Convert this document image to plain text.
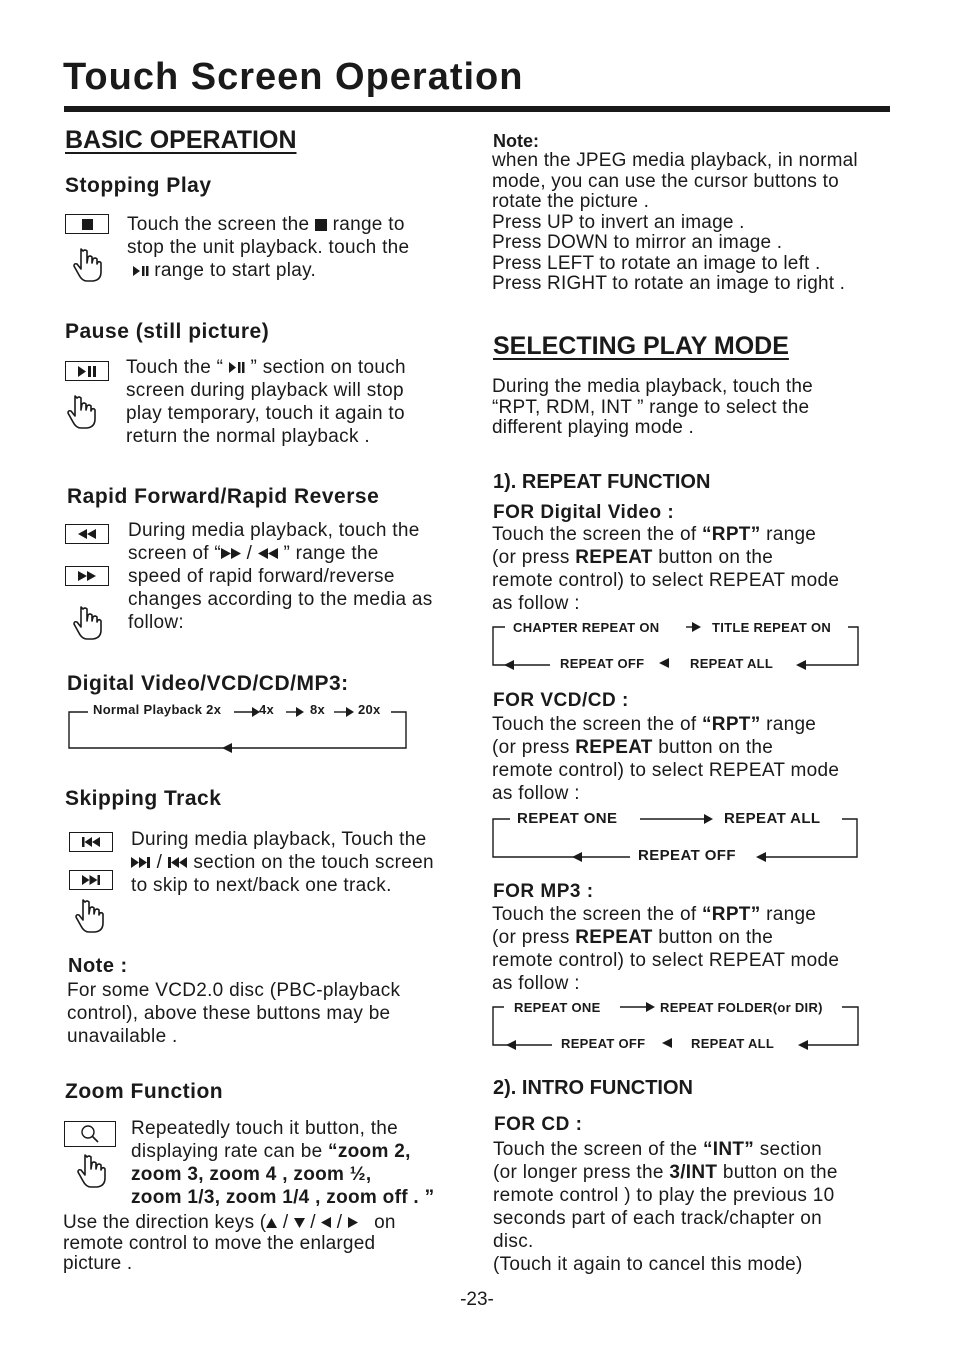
Touch Screen Operation
BASIC OPERATION
Stopping Play
Touch the screen the range to
stop the unit playback. touch the
range to start play.
Pause (still picture)
Touch the “ ” section on touch
screen during playback will stop
play temporary, touch it again to
return the normal playback .
Rapid Forward/Rapid Reverse
During media playback, touch the
screen of “ / ” range the
speed of rapid forward/reverse
changes according to the media as
follow:
Digital Video/VCD/CD/MP3:
Normal Playback 2x	4x	8x	20x
Skipping Track
During media playback, Touch the
/ section on the touch screen
to skip to next/back one track.
Note :
For some VCD2.0 disc (PBC-playback
control), above these buttons may be
unavailable .
Zoom Function
Repeatedly touch it button, the
displaying rate can be “zoom 2,
zoom 3, zoom 4 , zoom ½,
zoom 1/3, zoom 1/4 , zoom off . ”
Use the direction keys ( / / / on
remote control to move the enlarged
picture .
Note:
when the JPEG media playback, in normal
mode, you can use the cursor buttons to
rotate the picture .
Press UP to invert an image .
Press DOWN to mirror an image .
Press LEFT to rotate an image to left .
Press RIGHT to rotate an image to right .
SELECTING PLAY MODE
During the media playback, touch the
“RPT, RDM, INT ” range to select the
different playing mode .
1). REPEAT FUNCTION
FOR Digital Video :
Touch the screen the of “RPT” range
(or press REPEAT button on the
remote control) to select REPEAT mode
as follow :
CHAPTER REPEAT ON	TITLE REPEAT ON
REPEAT OFF	REPEAT ALL
FOR VCD/CD :
Touch the screen the of “RPT” range
(or press REPEAT button on the
remote control) to select REPEAT mode
as follow :
REPEAT ONE	REPEAT ALL
REPEAT OFF
FOR MP3 :
Touch the screen the of “RPT” range
(or press REPEAT button on the
remote control) to select REPEAT mode
as follow :
REPEAT ONE	REPEAT FOLDER(or DIR)
REPEAT OFF	REPEAT ALL
2). INTRO FUNCTION
FOR CD :
Touch the screen of the “INT” section
(or longer press the 3/INT button on the
remote control ) to play the previous 10
seconds part of each track/chapter on
disc.
(Touch it again to cancel this mode)
-23-
